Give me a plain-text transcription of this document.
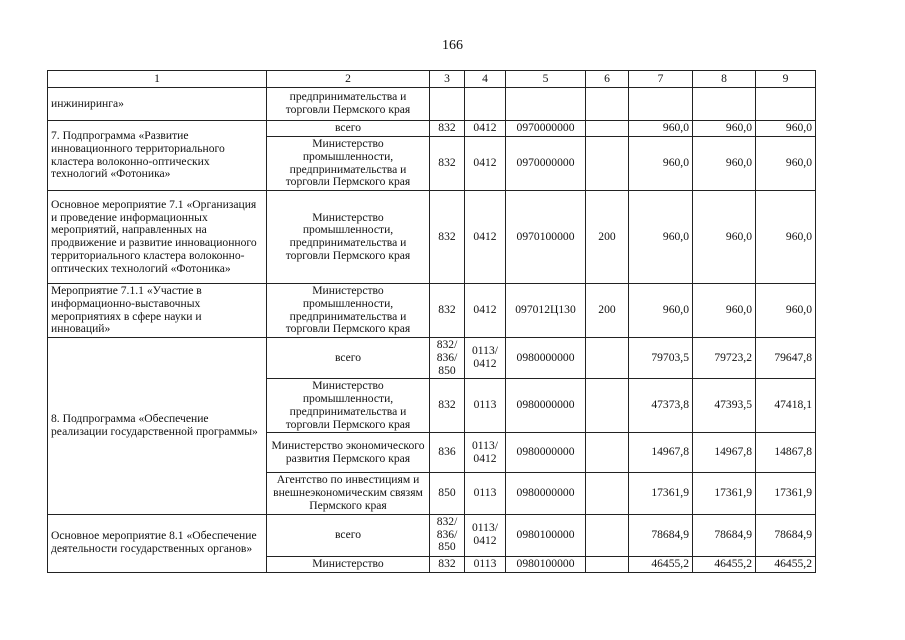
166
1	2	3	4	5	6	7	8	9
инжиниринга»	предпринимательства и торговли Пермского края							
7. Подпрограмма «Развитие инновационного территориального кластера волоконно-оптических технологий «Фотоника»	всего	832	0412	0970000000		960,0	960,0	960,0
	Министерство промышленности, предпринимательства и торговли Пермского края	832	0412	0970000000		960,0	960,0	960,0
Основное мероприятие 7.1 «Организация и проведение информационных мероприятий, направленных на продвижение и развитие инновационного территориального кластера волоконно-оптических технологий «Фотоника»	Министерство промышленности, предпринимательства и торговли Пермского края	832	0412	0970100000	200	960,0	960,0	960,0
Мероприятие 7.1.1 «Участие в информационно-выставочных мероприятиях в сфере науки и инноваций»	Министерство промышленности, предпринимательства и торговли Пермского края	832	0412	097012Ц130	200	960,0	960,0	960,0
8. Подпрограмма «Обеспечение реализации государственной программы»	всего	832/ 836/ 850	0113/ 0412	0980000000		79703,5	79723,2	79647,8
	Министерство промышленности, предпринимательства и торговли Пермского края	832	0113	0980000000		47373,8	47393,5	47418,1
	Министерство экономического развития Пермского края	836	0113/ 0412	0980000000		14967,8	14967,8	14867,8
	Агентство по инвестициям и внешнеэкономическим связям Пермского края	850	0113	0980000000		17361,9	17361,9	17361,9
Основное мероприятие 8.1 «Обеспечение деятельности государственных органов»	всего	832/ 836/ 850	0113/ 0412	0980100000		78684,9	78684,9	78684,9
	Министерство	832	0113	0980100000		46455,2	46455,2	46455,2
